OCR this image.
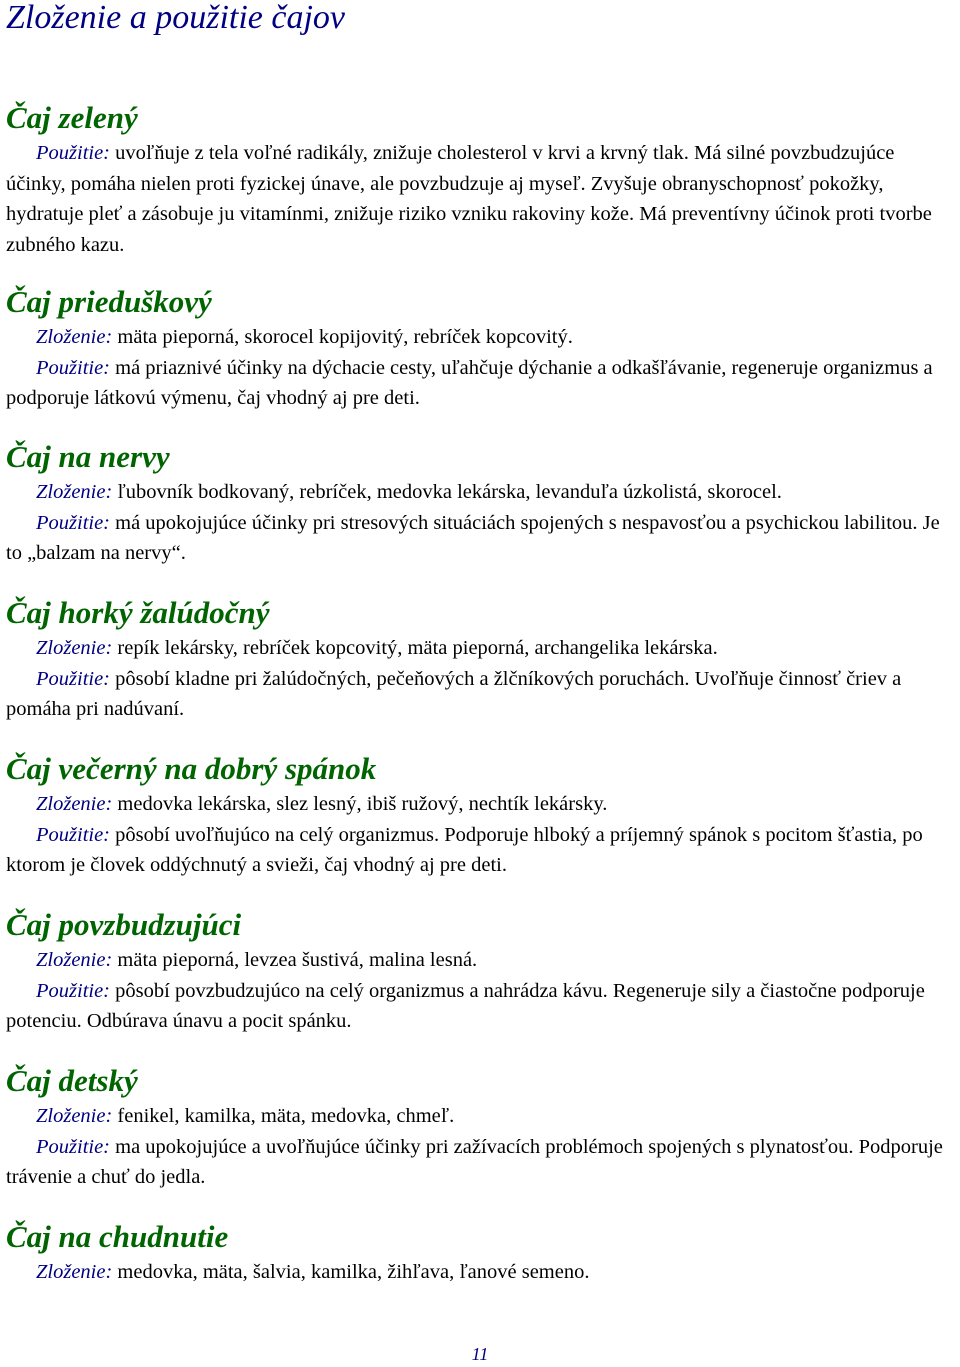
Zloženie a použitie čajov
Čaj zelený

Použitie: uvoľňuje z tela voľné radikály, znižuje cholesterol v krvi a krvný tlak. Má silné povzbudzujúce účinky, pomáha nielen proti fyzickej únave, ale povzbudzuje aj myseľ. Zvyšuje obranyschopnosť pokožky, hydratuje pleť a zásobuje ju vitamínmi, znižuje riziko vzniku rakoviny kože. Má preventívny účinok proti tvorbe zubného kazu.

Čaj prieduškový

Zloženie: mäta pieporná, skorocel kopijovitý, rebríček kopcovitý.

Použitie: má priaznivé účinky na dýchacie cesty, uľahčuje dýchanie a odkašľávanie, regeneruje organizmus a podporuje látkovú výmenu, čaj vhodný aj pre deti.

Čaj na nervy

Zloženie: ľubovník bodkovaný, rebríček, medovka lekárska, levanduľa úzkolistá, skorocel.

Použitie: má upokojujúce účinky pri stresových situáciách spojených s nespavosťou a psychickou labilitou. Je to „balzam na nervy“.

Čaj horký žalúdočný

Zloženie: repík lekársky, rebríček kopcovitý, mäta pieporná, archangelika lekárska.

Použitie: pôsobí kladne pri žalúdočných, pečeňových a žlčníkových poruchách. Uvoľňuje činnosť čriev a pomáha pri nadúvaní.

Čaj večerný na dobrý spánok

Zloženie: medovka lekárska, slez lesný, ibiš ružový, nechtík lekársky.

Použitie: pôsobí uvoľňujúco na celý organizmus. Podporuje hlboký a príjemný spánok s pocitom šťastia, po ktorom je človek oddýchnutý a svieži, čaj vhodný aj pre deti.

Čaj povzbudzujúci

Zloženie: mäta pieporná, levzea šustivá, malina lesná.

Použitie: pôsobí povzbudzujúco na celý organizmus a nahrádza kávu. Regeneruje sily a čiastočne podporuje potenciu. Odbúrava únavu a pocit spánku.

Čaj detský

Zloženie: fenikel, kamilka, mäta, medovka, chmeľ.

Použitie: ma upokojujúce a uvoľňujúce účinky pri zažívacích problémoch spojených s plynatosťou. Podporuje trávenie a chuť do jedla.

Čaj na chudnutie

Zloženie: medovka, mäta, šalvia, kamilka, žihľava, ľanové semeno.

11
